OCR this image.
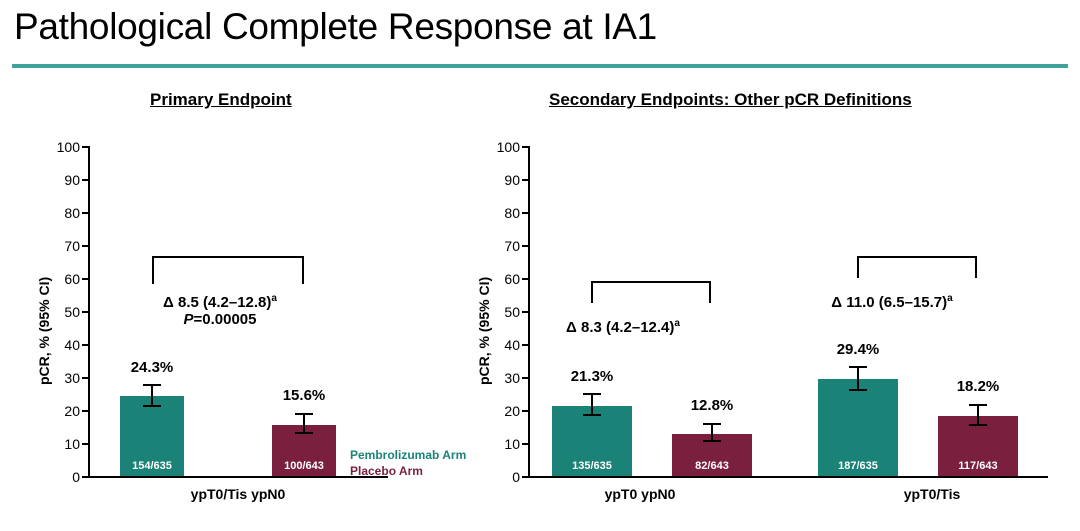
Pathological Complete Response at IA1
Primary Endpoint	Secondary Endpoints: Other pCR Definitions
pCR, % (95% CI)
100
90
80
70
60
50
40
30
20
10
0
154/635
24.3%
100/643
15.6%
Δ 8.5 $(4.2-12.8)^a$
P=0.00005
ypT0/Tis ypN0
Pembrolizumab Arm
Placebo Arm
pCR, % (95% CI)
100
90
80
70
60
50
40
30
20
10
0
135/635
21.3%
82/643
12.8%
187/635
29.4%
117/643
18.2%
Δ 8.3 $(4.2-12.4)^a$
Δ 11.0 $(6.5-15.7)^a$
ypT0 ypN0	ypT0/Tis
